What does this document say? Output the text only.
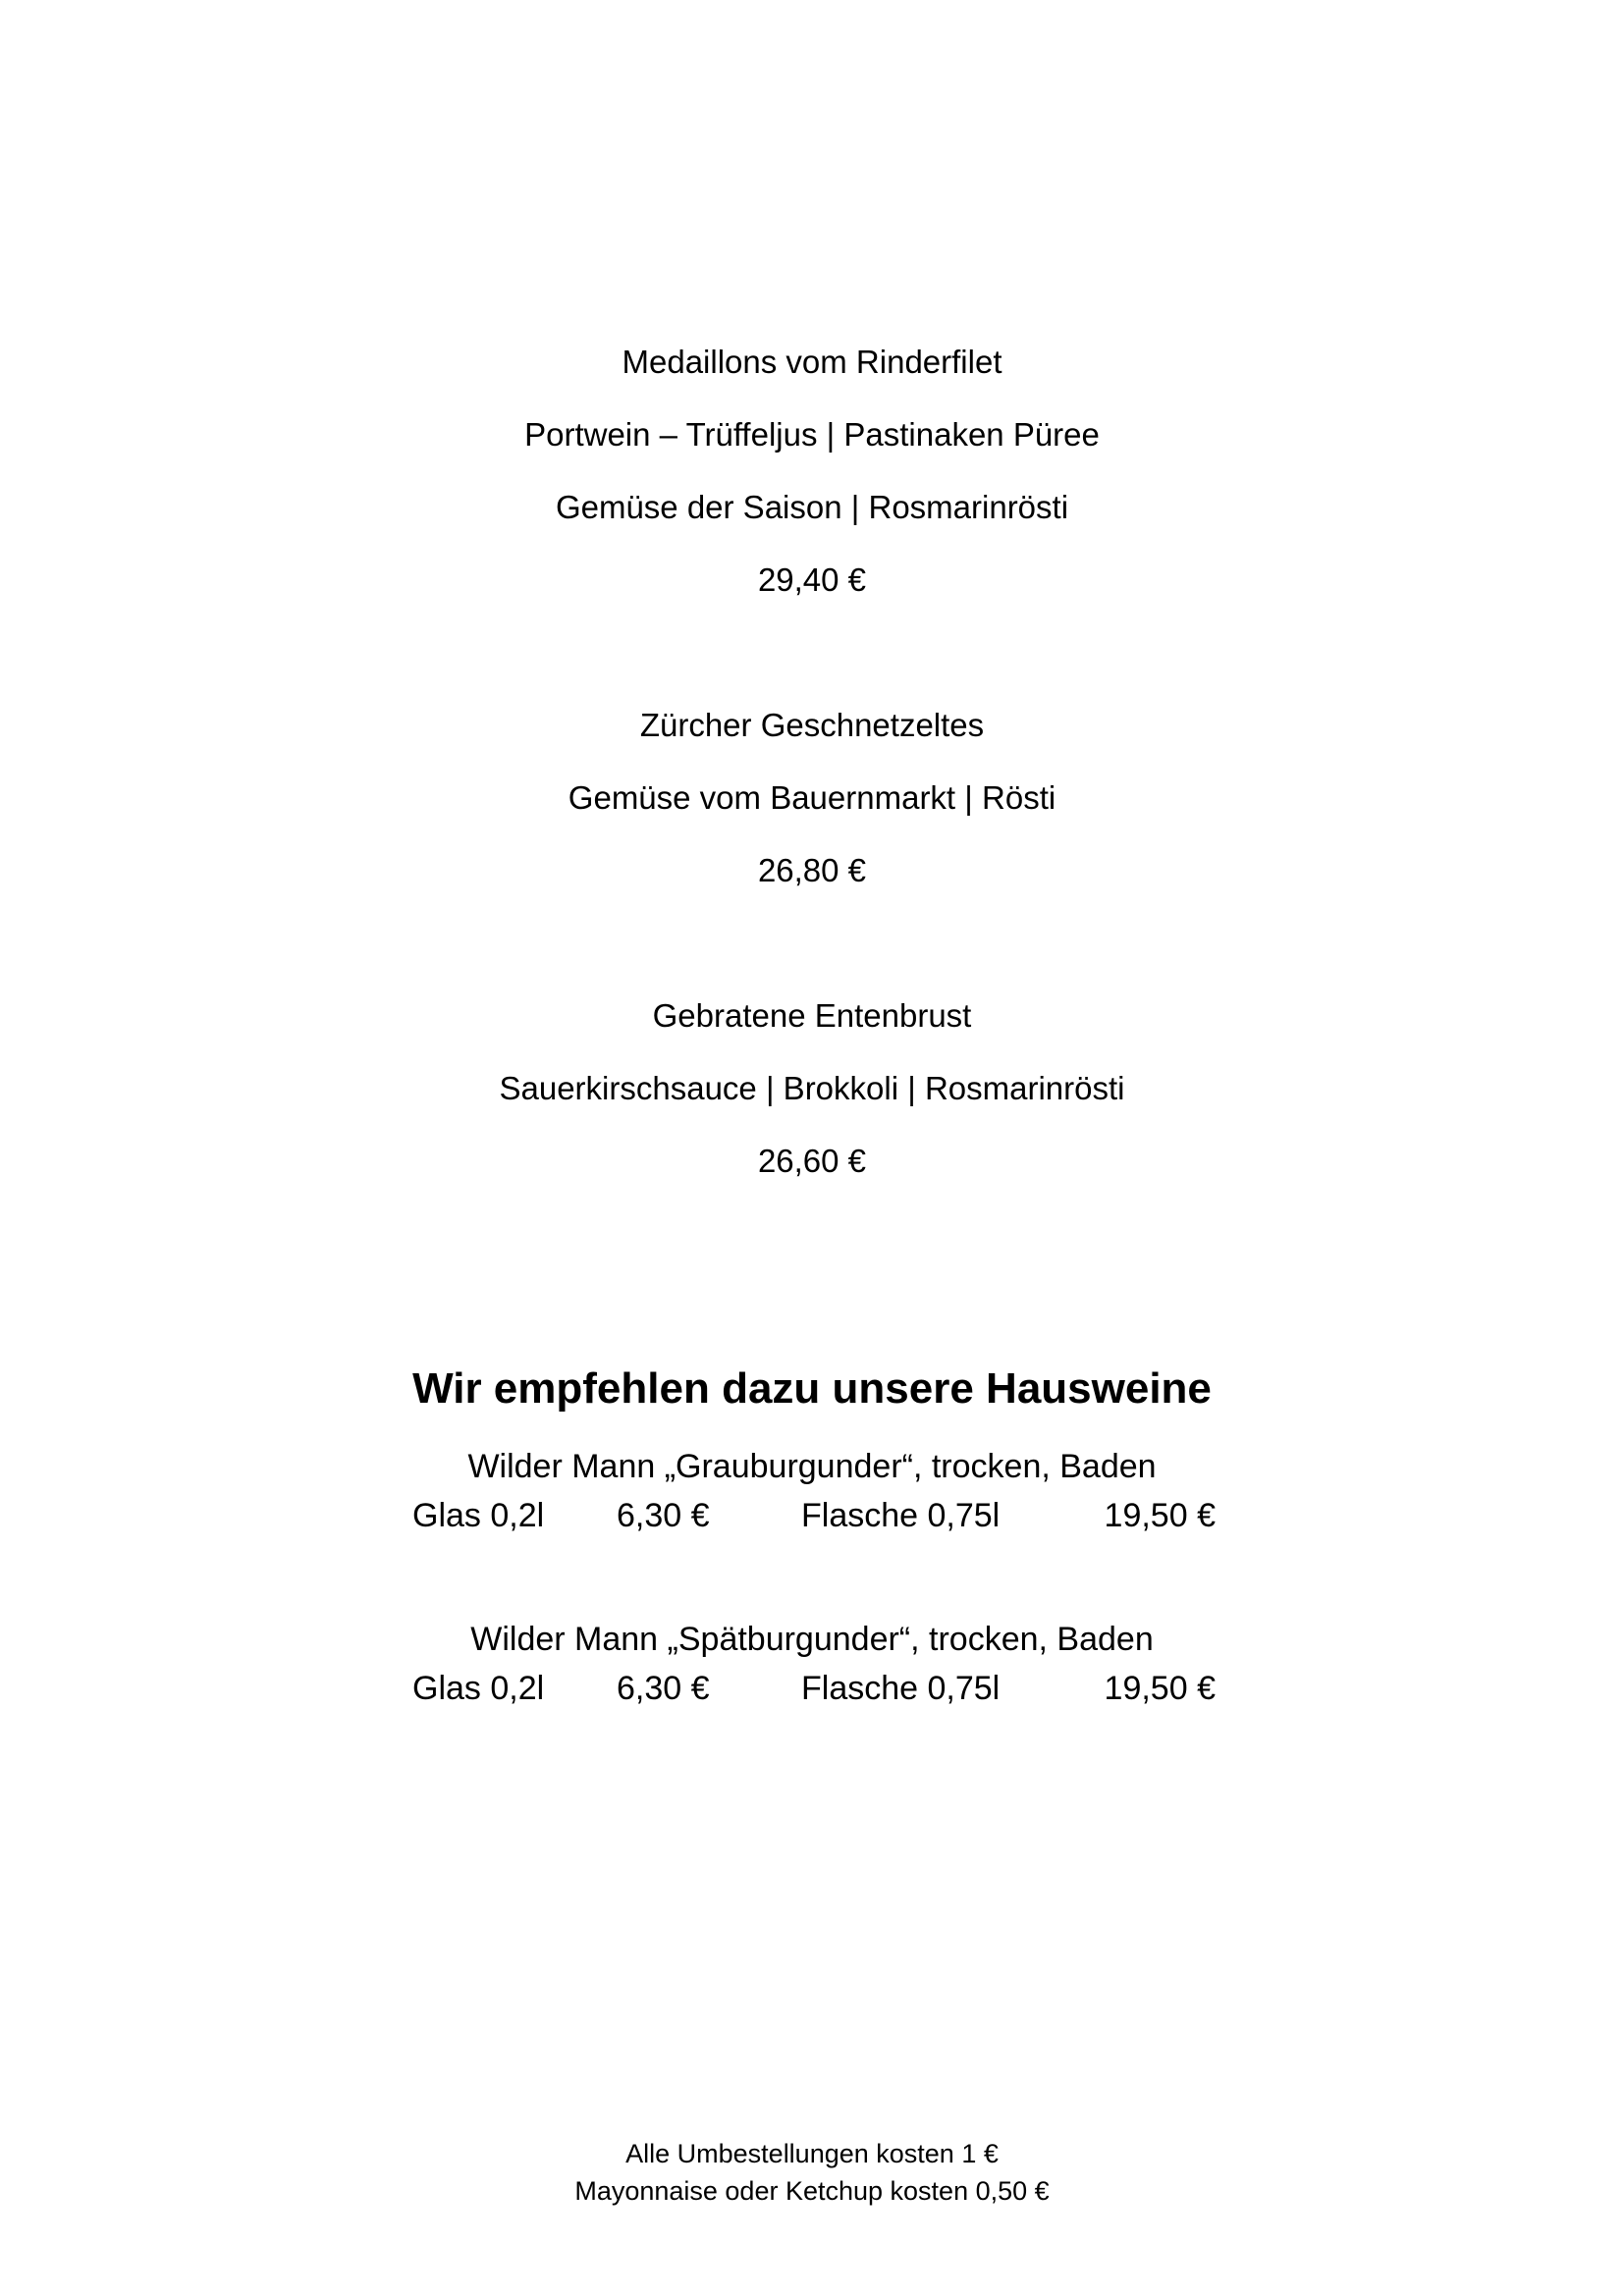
Medaillons vom Rinderfilet
Portwein – Trüffeljus | Pastinaken Püree
Gemüse der Saison | Rosmarinrösti
29,40 €
Zürcher Geschnetzeltes
Gemüse vom Bauernmarkt | Rösti
26,80 €
Gebratene Entenbrust
Sauerkirschsauce | Brokkoli | Rosmarinrösti
26,60 €
Wir empfehlen dazu unsere Hausweine
Wilder Mann „Grauburgunder“, trocken, Baden
Glas 0,2l 6,30 €	Flasche 0,75l	19,50 €
Wilder Mann „Spätburgunder“, trocken, Baden
Glas 0,2l 6,30 €	Flasche 0,75l	19,50 €
Alle Umbestellungen kosten 1 €
Mayonnaise oder Ketchup kosten 0,50 €
